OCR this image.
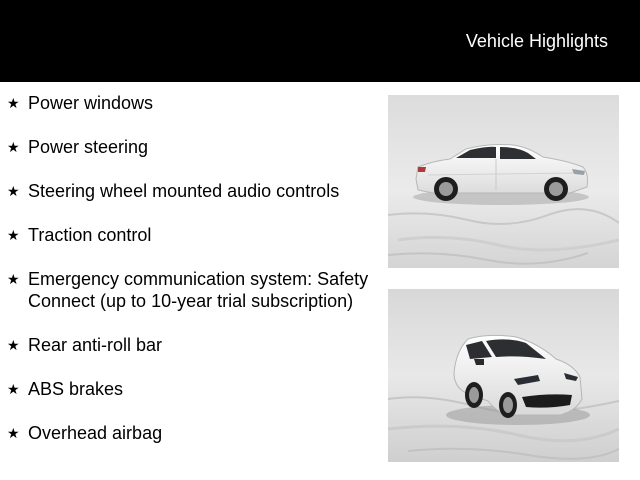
Vehicle Highlights
★ Power windows
★ Power steering
★ Steering wheel mounted audio controls
★ Traction control
★ Emergency communication system: Safety Connect (up to 10-year trial subscription)
★ Rear anti-roll bar
★ ABS brakes
★ Overhead airbag
